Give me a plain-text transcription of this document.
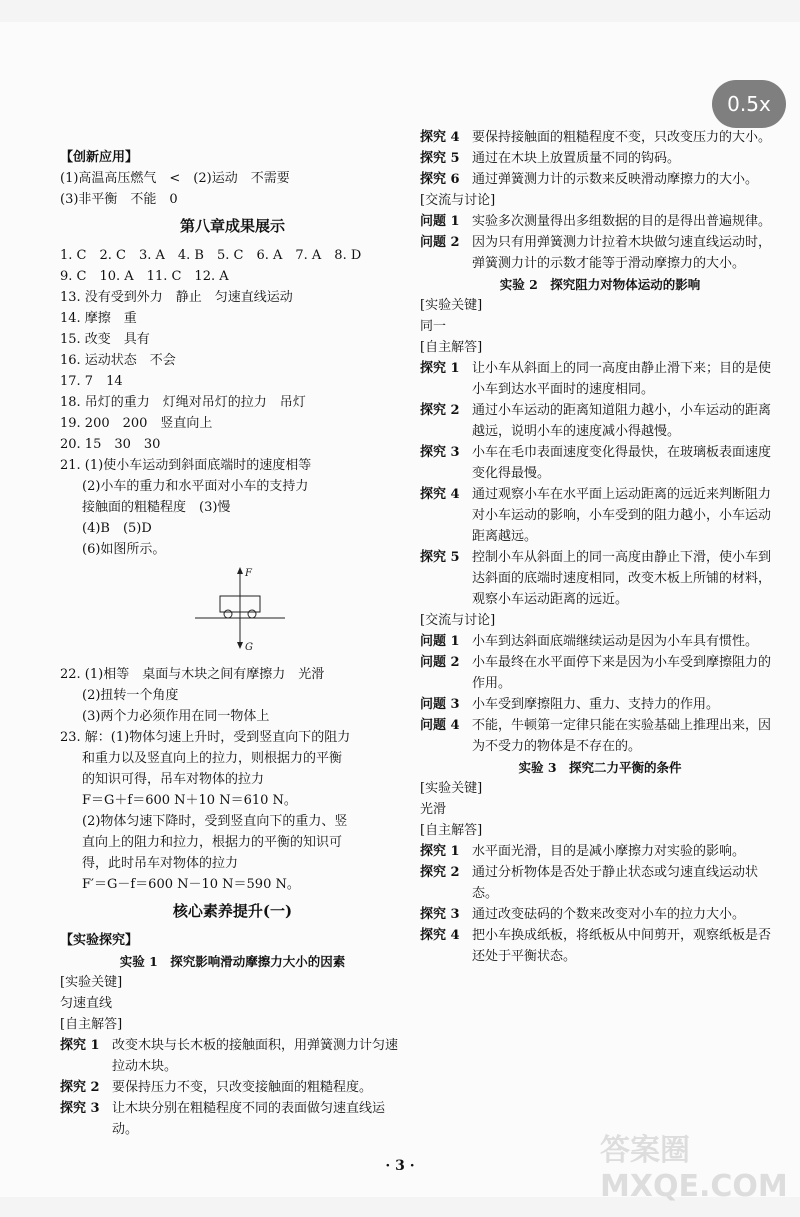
0.5x
【创新应用】
(1)高温高压燃气　<　(2)运动　不需要
(3)非平衡　不能　0
第八章成果展示
1. C　2. C　3. A　4. B　5. C　6. A　7. A　8. D
9. C　10. A　11. C　12. A
13. 没有受到外力　静止　匀速直线运动
14. 摩擦　重
15. 改变　具有
16. 运动状态　不会
17. 7　14
18. 吊灯的重力　灯绳对吊灯的拉力　吊灯
19. 200　200　竖直向上
20. 15　30　30
21. (1)使小车运动到斜面底端时的速度相等
(2)小车的重力和水平面对小车的支持力
接触面的粗糙程度　(3)慢
(4)B　(5)D
(6)如图所示。
F
G
22. (1)相等　桌面与木块之间有摩擦力　光滑
(2)扭转一个角度
(3)两个力必须作用在同一物体上
23. 解：(1)物体匀速上升时，受到竖直向下的阻力
和重力以及竖直向上的拉力，则根据力的平衡
的知识可得，吊车对物体的拉力
F＝G＋f＝600 N＋10 N＝610 N。
(2)物体匀速下降时，受到竖直向下的重力、竖
直向上的阻力和拉力，根据力的平衡的知识可
得，此时吊车对物体的拉力
F′＝G－f＝600 N－10 N＝590 N。
核心素养提升(一)
【实验探究】
实验 1　探究影响滑动摩擦力大小的因素
[实验关键]
匀速直线
[自主解答]
探究 1 改变木块与长木板的接触面积，用弹簧测力计匀速拉动木块。
探究 2 要保持压力不变，只改变接触面的粗糙程度。
探究 3 让木块分别在粗糙程度不同的表面做匀速直线运动。
探究 4 要保持接触面的粗糙程度不变，只改变压力的大小。
探究 5 通过在木块上放置质量不同的钩码。
探究 6 通过弹簧测力计的示数来反映滑动摩擦力的大小。
[交流与讨论]
问题 1 实验多次测量得出多组数据的目的是得出普遍规律。
问题 2 因为只有用弹簧测力计拉着木块做匀速直线运动时，弹簧测力计的示数才能等于滑动摩擦力的大小。
实验 2　探究阻力对物体运动的影响
[实验关键]
同一
[自主解答]
探究 1 让小车从斜面上的同一高度由静止滑下来；目的是使小车到达水平面时的速度相同。
探究 2 通过小车运动的距离知道阻力越小，小车运动的距离越远，说明小车的速度减小得越慢。
探究 3 小车在毛巾表面速度变化得最快，在玻璃板表面速度变化得最慢。
探究 4 通过观察小车在水平面上运动距离的远近来判断阻力对小车运动的影响，小车受到的阻力越小，小车运动距离越远。
探究 5 控制小车从斜面上的同一高度由静止下滑，使小车到达斜面的底端时速度相同，改变木板上所铺的材料，观察小车运动距离的远近。
[交流与讨论]
问题 1 小车到达斜面底端继续运动是因为小车具有惯性。
问题 2 小车最终在水平面停下来是因为小车受到摩擦阻力的作用。
问题 3 小车受到摩擦阻力、重力、支持力的作用。
问题 4 不能，牛顿第一定律只能在实验基础上推理出来，因为不受力的物体是不存在的。
实验 3　探究二力平衡的条件
[实验关键]
光滑
[自主解答]
探究 1 水平面光滑，目的是减小摩擦力对实验的影响。
探究 2 通过分析物体是否处于静止状态或匀速直线运动状态。
探究 3 通过改变砝码的个数来改变对小车的拉力大小。
探究 4 把小车换成纸板，将纸板从中间剪开，观察纸板是否还处于平衡状态。
· 3 ·	答案圈 MXQE.COM
